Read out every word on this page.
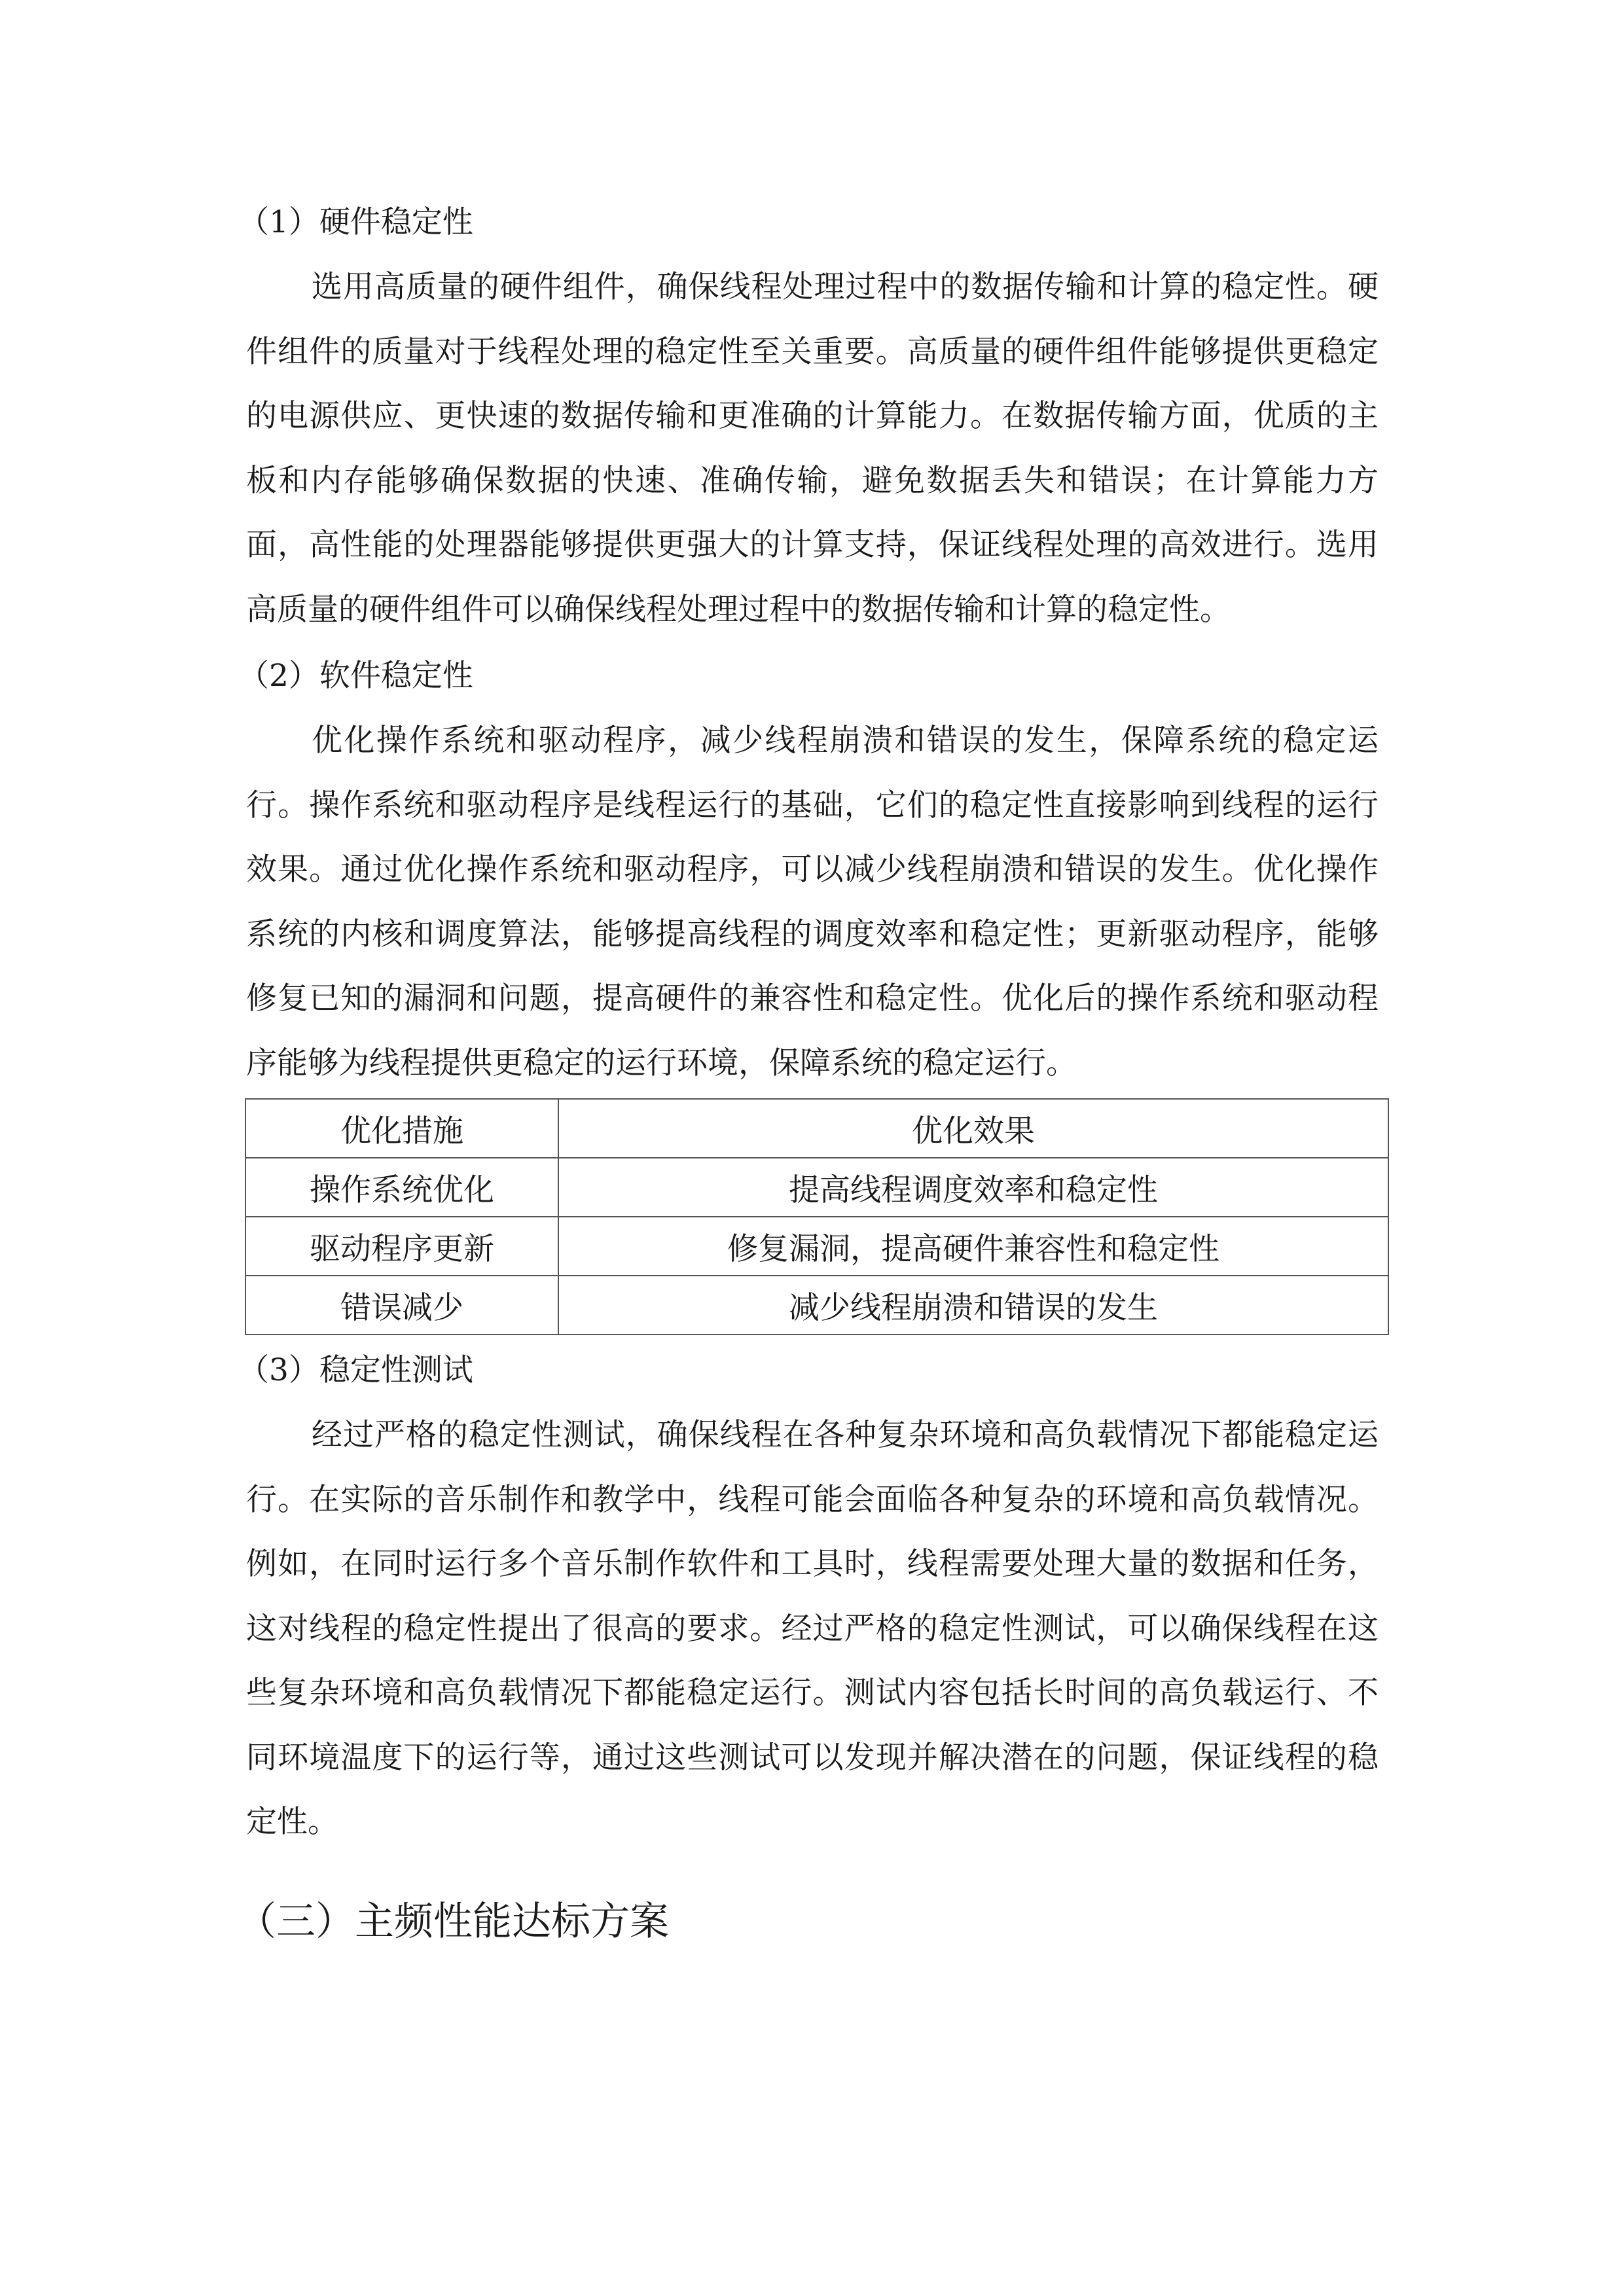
（1）硬件稳定性

选用高质量的硬件组件，确保线程处理过程中的数据传输和计算的稳定性。硬件组件的质量对于线程处理的稳定性至关重要。高质量的硬件组件能够提供更稳定的电源供应、更快速的数据传输和更准确的计算能力。在数据传输方面，优质的主板和内存能够确保数据的快速、准确传输，避免数据丢失和错误；在计算能力方面，高性能的处理器能够提供更强大的计算支持，保证线程处理的高效进行。选用高质量的硬件组件可以确保线程处理过程中的数据传输和计算的稳定性。

（2）软件稳定性

优化操作系统和驱动程序，减少线程崩溃和错误的发生，保障系统的稳定运行。操作系统和驱动程序是线程运行的基础，它们的稳定性直接影响到线程的运行效果。通过优化操作系统和驱动程序，可以减少线程崩溃和错误的发生。优化操作系统的内核和调度算法，能够提高线程的调度效率和稳定性；更新驱动程序，能够修复已知的漏洞和问题，提高硬件的兼容性和稳定性。优化后的操作系统和驱动程序能够为线程提供更稳定的运行环境，保障系统的稳定运行。

优化措施	优化效果
操作系统优化	提高线程调度效率和稳定性
驱动程序更新	修复漏洞，提高硬件兼容性和稳定性
错误减少	减少线程崩溃和错误的发生
（3）稳定性测试

经过严格的稳定性测试，确保线程在各种复杂环境和高负载情况下都能稳定运行。在实际的音乐制作和教学中，线程可能会面临各种复杂的环境和高负载情况。例如，在同时运行多个音乐制作软件和工具时，线程需要处理大量的数据和任务，这对线程的稳定性提出了很高的要求。经过严格的稳定性测试，可以确保线程在这些复杂环境和高负载情况下都能稳定运行。测试内容包括长时间的高负载运行、不同环境温度下的运行等，通过这些测试可以发现并解决潜在的问题，保证线程的稳定性。

（三）主频性能达标方案
